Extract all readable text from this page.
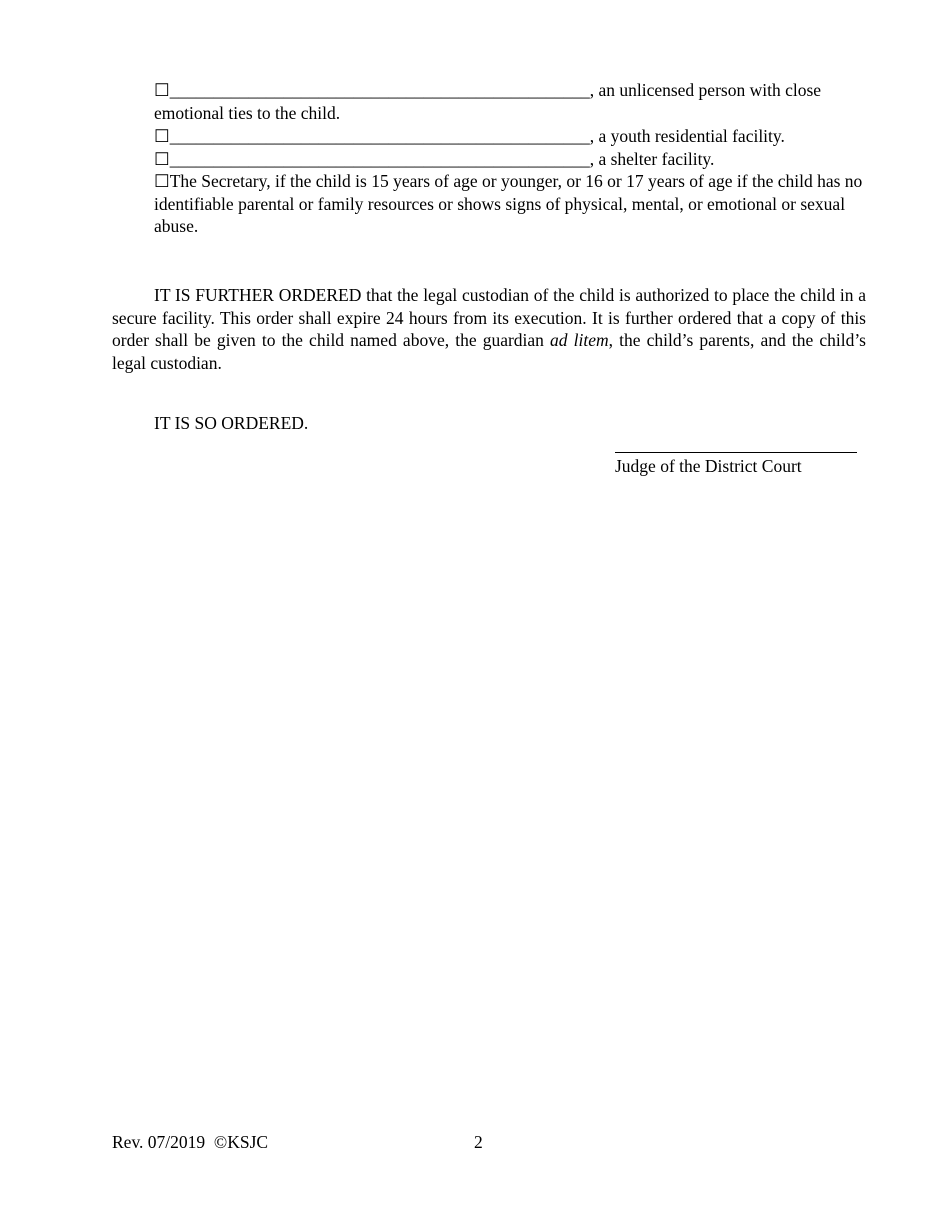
☐________________________________________________, an unlicensed person with close emotional ties to the child.
☐________________________________________________, a youth residential facility.
☐________________________________________________, a shelter facility.
☐The Secretary, if the child is 15 years of age or younger, or 16 or 17 years of age if the child has no identifiable parental or family resources or shows signs of physical, mental, or emotional or sexual abuse.
IT IS FURTHER ORDERED that the legal custodian of the child is authorized to place the child in a secure facility. This order shall expire 24 hours from its execution. It is further ordered that a copy of this order shall be given to the child named above, the guardian ad litem, the child’s parents, and the child’s legal custodian.
IT IS SO ORDERED.
Judge of the District Court
Rev. 07/2019  ©KSJC	2
